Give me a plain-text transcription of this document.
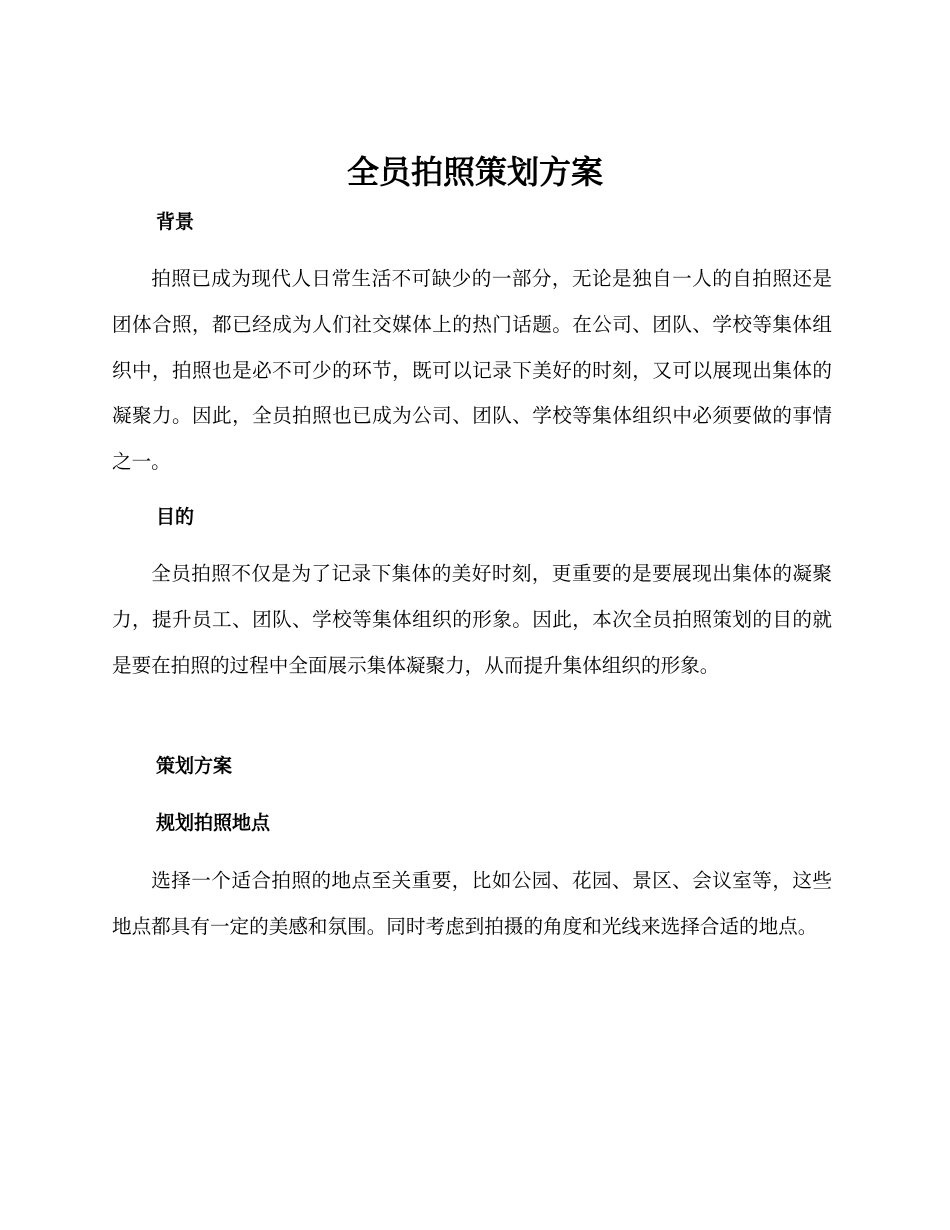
全员拍照策划方案
背景

拍照已成为现代人日常生活不可缺少的一部分，无论是独自一人的自拍照还是团体合照，都已经成为人们社交媒体上的热门话题。在公司、团队、学校等集体组织中，拍照也是必不可少的环节，既可以记录下美好的时刻，又可以展现出集体的凝聚力。因此，全员拍照也已成为公司、团队、学校等集体组织中必须要做的事情之一。

目的

全员拍照不仅是为了记录下集体的美好时刻，更重要的是要展现出集体的凝聚力，提升员工、团队、学校等集体组织的形象。因此，本次全员拍照策划的目的就是要在拍照的过程中全面展示集体凝聚力，从而提升集体组织的形象。

策划方案
规划拍照地点

选择一个适合拍照的地点至关重要，比如公园、花园、景区、会议室等，这些地点都具有一定的美感和氛围。同时考虑到拍摄的角度和光线来选择合适的地点。
